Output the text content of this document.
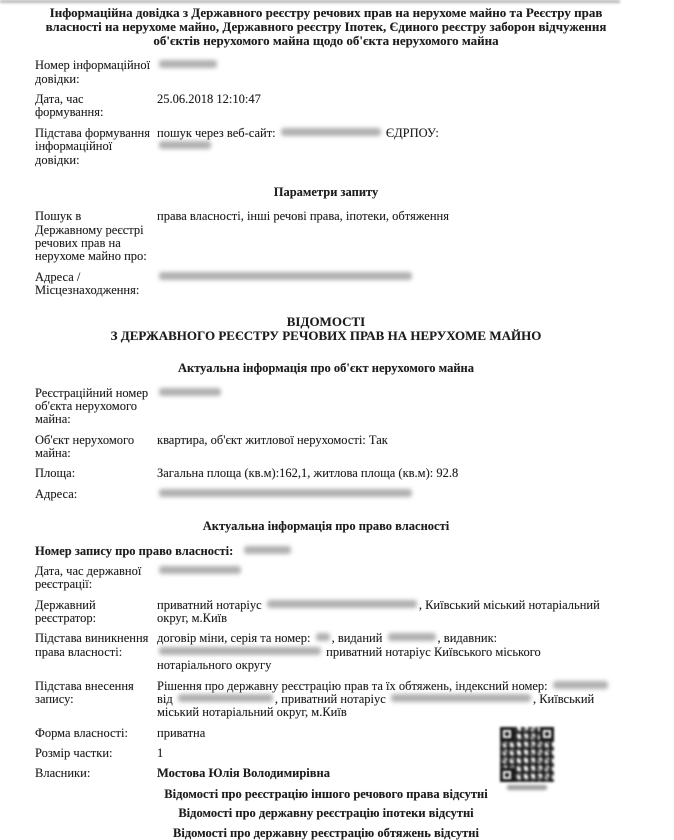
Інформаційна довідка з Державного реєстру речових прав на нерухоме майно та Реєстру прав власності на нерухоме майно, Державного реєстру Іпотек, Єдиного реєстру заборон відчуження об'єктів нерухомого майна щодо об'єкта нерухомого майна
Номер інформаційної довідки:
Дата, час формування:
25.06.2018 12:10:47
Підстава формування інформаційної довідки:
пошук через веб-сайт:	ЄДРПОУ:

Параметри запиту
Пошук в Державному реєстрі речових прав на нерухоме майно про:
права власності, інші речові права, іпотеки, обтяження
Адреса / Місцезнаходження:
ВІДОМОСТІ
З ДЕРЖАВНОГО РЕЄСТРУ РЕЧОВИХ ПРАВ НА НЕРУХОМЕ МАЙНО
Актуальна інформація про об'єкт нерухомого майна
Реєстраційний номер об'єкта нерухомого майна:
Об'єкт нерухомого майна:
квартира, об'єкт житлової нерухомості: Так
Площа:	Загальна площа (кв.м):162,1, житлова площа (кв.м): 92.8
Адреса:
Актуальна інформація про право власності
Номер запису про право власності:
Дата, час державної реєстрації:
Державний реєстратор:
приватний нотаріус	, Київський міський нотаріальний округ, м.Київ
Підстава виникнення права власності:
договір міни, серія та номер: , виданий	, видавник:  приватний нотаріус Київського міського нотаріального округу
Підстава внесення запису:
Рішення про державну реєстрацію прав та їх обтяжень, індексний номер:  від	, приватний нотаріус	, Київський міський нотаріальний округ, м.Київ
Форма власності:	приватна
Розмір частки:	1
Власники:	Мостова Юлія Володимирівна
Відомості про реєстрацію іншого речового права відсутні
Відомості про державну реєстрацію іпотеки відсутні
Відомості про державну реєстрацію обтяжень відсутні
